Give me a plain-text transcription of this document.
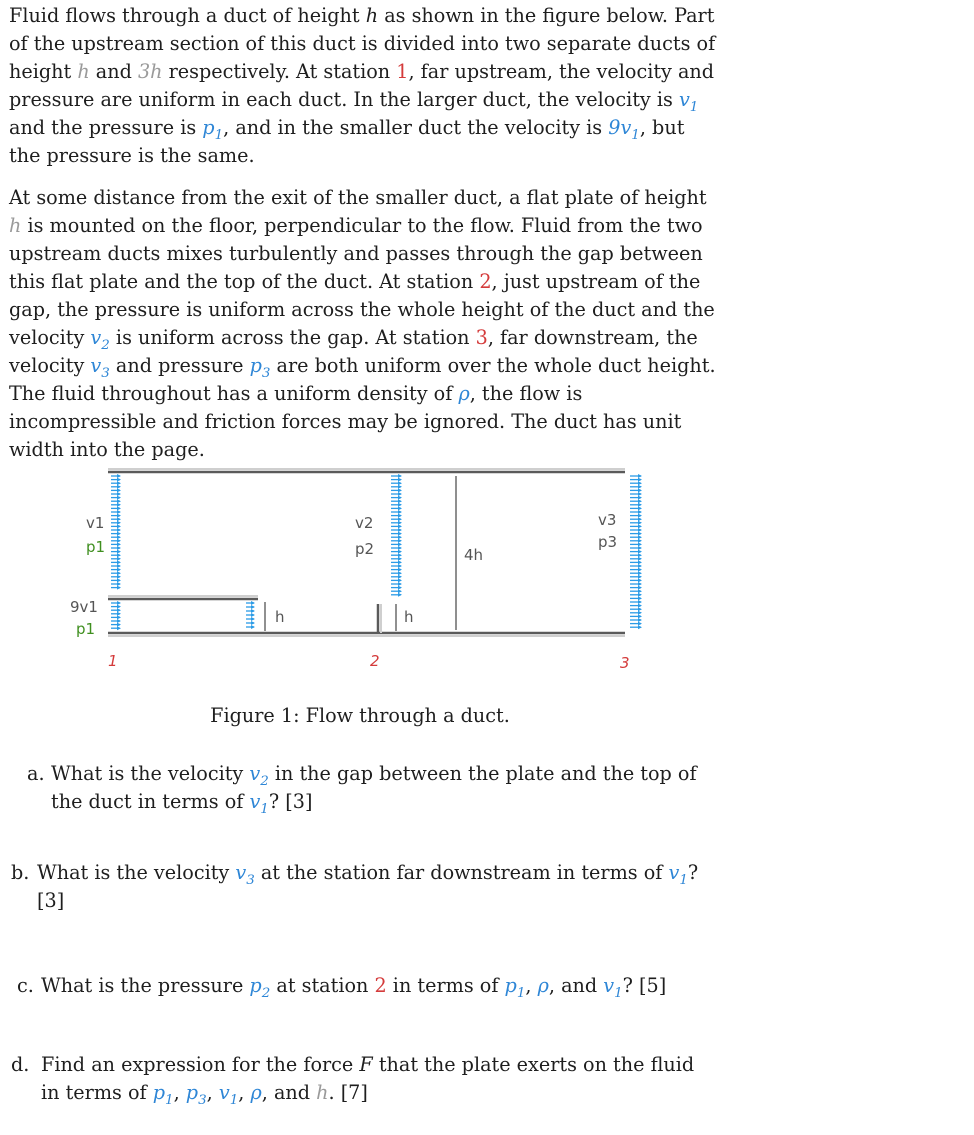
Fluid flows through a duct of height h as shown in the figure below. Part of the upstream section of this duct is divided into two separate ducts of height h and 3h respectively. At station 1, far upstream, the velocity and pressure are uniform in each duct. In the larger duct, the velocity is $v_1$ and the pressure is $p_1$, and in the smaller duct the velocity is $9v_1$, but the pressure is the same.

At some distance from the exit of the smaller duct, a flat plate of height h is mounted on the floor, perpendicular to the flow. Fluid from the two upstream ducts mixes turbulently and passes through the gap between this flat plate and the top of the duct. At station 2, just upstream of the gap, the pressure is uniform across the whole height of the duct and the velocity $v_2$ is uniform across the gap. At station 3, far downstream, the velocity $v_3$ and pressure $p_3$ are both uniform over the whole duct height. The fluid throughout has a uniform density of ρ, the flow is incompressible and friction forces may be ignored. The duct has unit width into the page.

v1
p1
9v1
p1
v2
p2
v3
p3
h	h
4h
1	2	3
Figure 1: Flow through a duct.
a. What is the velocity $v_2$ in the gap between the plate and the top of the duct in terms of $v_1$? [3]
b. What is the velocity $v_3$ at the station far downstream in terms of $v_1$? [3]
c. What is the pressure $p_2$ at station 2 in terms of $p_1$, ρ, and $v_1$? [5]
d. Find an expression for the force F that the plate exerts on the fluid in terms of $p_1$, $p_3$, $v_1$, ρ, and h. [7]
